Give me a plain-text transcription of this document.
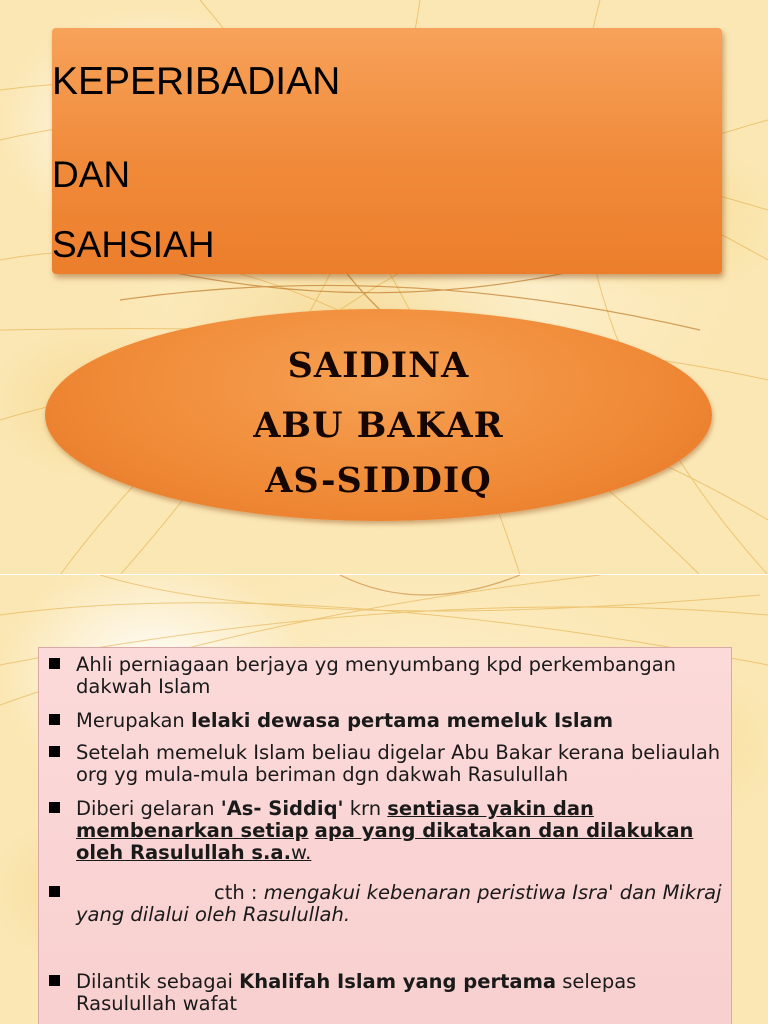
KEPERIBADIAN
DAN
SAHSIAH
SAIDINA
ABU BAKAR
AS-SIDDIQ
Ahli perniagaan berjaya yg menyumbang kpd perkembangan dakwah Islam
Merupakan lelaki dewasa pertama memeluk Islam
Setelah memeluk Islam beliau digelar Abu Bakar kerana beliaulah org yg mula-mula beriman dgn dakwah Rasulullah
Diberi gelaran 'As- Siddiq' krn sentiasa yakin dan membenarkan setiap apa yang dikatakan dan dilakukan oleh Rasulullah s.a.w.
cth : mengakui kebenaran peristiwa Isra' dan Mikraj yang dilalui oleh Rasulullah.
Dilantik sebagai Khalifah Islam yang pertama selepas Rasulullah wafat
